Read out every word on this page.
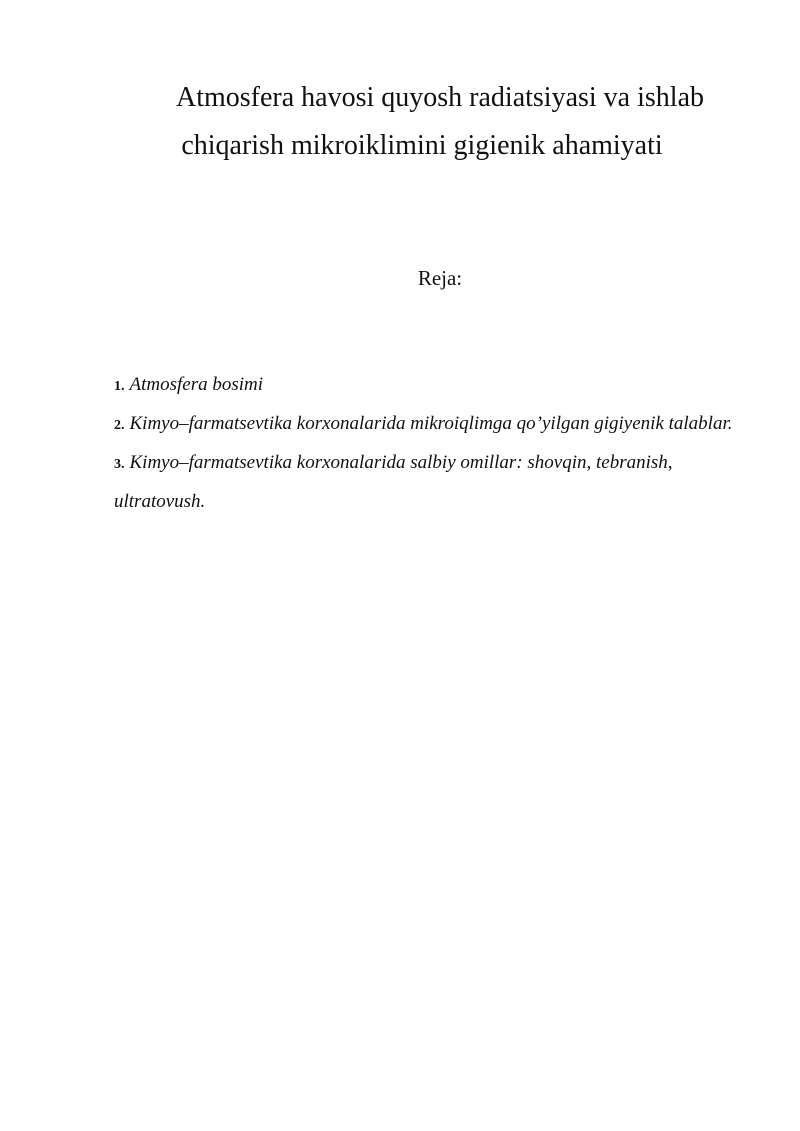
Atmosfera havosi quyosh radiatsiyasi va ishlab
chiqarish mikroiklimini gigienik ahamiyati
Reja:
1. Atmosfera bosimi
2. Kimyo–farmatsevtika korxonalarida mikroiqlimga qo’yilgan gigiyenik talablar.
3. Kimyo–farmatsevtika korxonalarida salbiy omillar: shovqin, tebranish, ultratovush.
